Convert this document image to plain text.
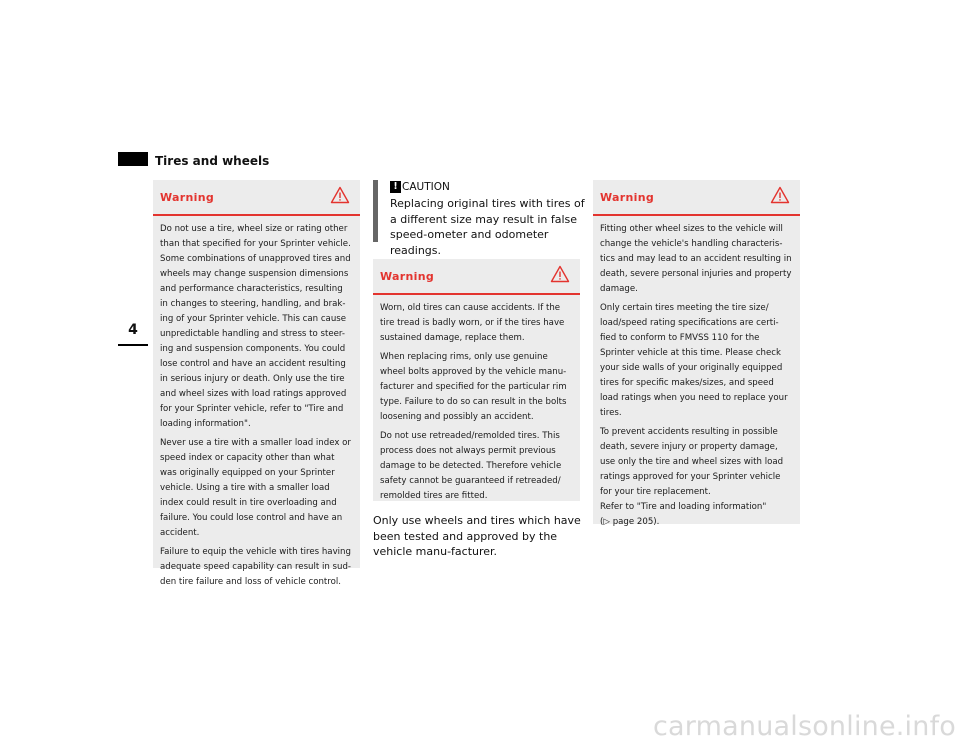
Tires and wheels
4
Warning

Do not use a tire, wheel size or rating other than that specified for your Sprinter vehicle. Some combinations of unapproved tires and wheels may change suspension dimensions and performance characteristics, resulting in changes to steering, handling, and brak-ing of your Sprinter vehicle. This can cause unpredictable handling and stress to steer-ing and suspension components. You could lose control and have an accident resulting in serious injury or death. Only use the tire and wheel sizes with load ratings approved for your Sprinter vehicle, refer to "Tire and loading information".

Never use a tire with a smaller load index or speed index or capacity other than what was originally equipped on your Sprinter vehicle. Using a tire with a smaller load index could result in tire overloading and failure. You could lose control and have an accident.

Failure to equip the vehicle with tires having adequate speed capability can result in sud-den tire failure and loss of vehicle control.

! CAUTION
Replacing original tires with tires of a different size may result in false speed-ometer and odometer readings.
Warning

Worn, old tires can cause accidents. If the tire tread is badly worn, or if the tires have sustained damage, replace them.

When replacing rims, only use genuine wheel bolts approved by the vehicle manu-facturer and specified for the particular rim type. Failure to do so can result in the bolts loosening and possibly an accident.

Do not use retreaded/remolded tires. This process does not always permit previous damage to be detected. Therefore vehicle safety cannot be guaranteed if retreaded/ remolded tires are fitted.

Only use wheels and tires which have been tested and approved by the vehicle manu-facturer.
Warning

Fitting other wheel sizes to the vehicle will change the vehicle's handling characteris-tics and may lead to an accident resulting in death, severe personal injuries and property damage.

Only certain tires meeting the tire size/ load/speed rating specifications are certi-fied to conform to FMVSS 110 for the Sprinter vehicle at this time. Please check your side walls of your originally equipped tires for specific makes/sizes, and speed load ratings when you need to replace your tires.

To prevent accidents resulting in possible death, severe injury or property damage, use only the tire and wheel sizes with load ratings approved for your Sprinter vehicle for your tire replacement.

Refer to "Tire and loading information"

(▷ page 205).

carmanualsonline.info
